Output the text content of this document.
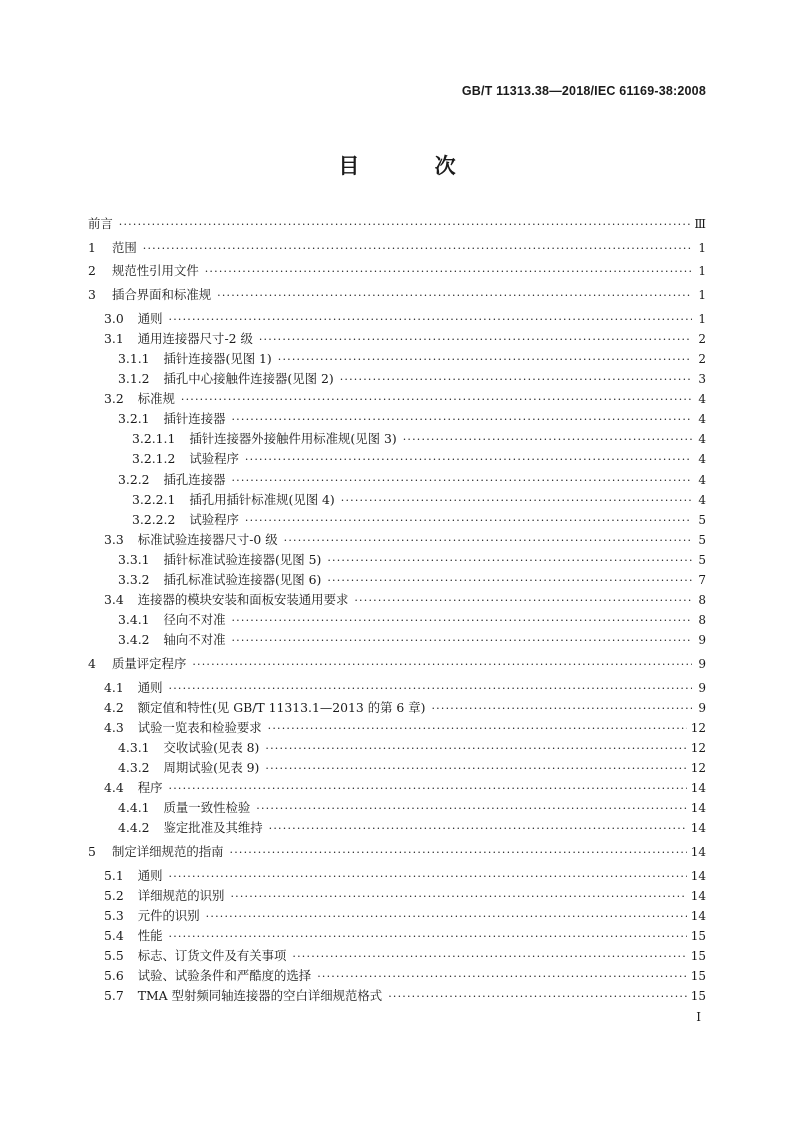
GB/T 11313.38—2018/IEC 61169-38:2008
目 次
前言 ·····	Ⅲ
1 范围 ·····	1
2 规范性引用文件 ·····	1
3 插合界面和标准规 ·····	1
3.0 通则 ·····	1
3.1 通用连接器尺寸-2 级 ·····	2
3.1.1 插针连接器(见图 1) ·····	2
3.1.2 插孔中心接触件连接器(见图 2) ·····	3
3.2 标准规 ·····	4
3.2.1 插针连接器 ·····	4
3.2.1.1 插针连接器外接触件用标准规(见图 3) ·····	4
3.2.1.2 试验程序 ·····	4
3.2.2 插孔连接器 ·····	4
3.2.2.1 插孔用插针标准规(见图 4) ·····	4
3.2.2.2 试验程序 ·····	5
3.3 标准试验连接器尺寸-0 级 ·····	5
3.3.1 插针标准试验连接器(见图 5) ·····	5
3.3.2 插孔标准试验连接器(见图 6) ·····	7
3.4 连接器的模块安装和面板安装通用要求 ·····	8
3.4.1 径向不对准 ·····	8
3.4.2 轴向不对准 ·····	9
4 质量评定程序 ·····	9
4.1 通则 ·····	9
4.2 额定值和特性(见 GB/T 11313.1—2013 的第 6 章) ·····	9
4.3 试验一览表和检验要求 ·····	12
4.3.1 交收试验(见表 8) ·····	12
4.3.2 周期试验(见表 9) ·····	12
4.4 程序 ·····	14
4.4.1 质量一致性检验 ·····	14
4.4.2 鉴定批准及其维持 ·····	14
5 制定详细规范的指南 ·····	14
5.1 通则 ·····	14
5.2 详细规范的识别 ·····	14
5.3 元件的识别 ·····	14
5.4 性能 ·····	15
5.5 标志、订货文件及有关事项 ·····	15
5.6 试验、试验条件和严酷度的选择 ·····	15
5.7 TMA 型射频同轴连接器的空白详细规范格式 ·····	15
I
